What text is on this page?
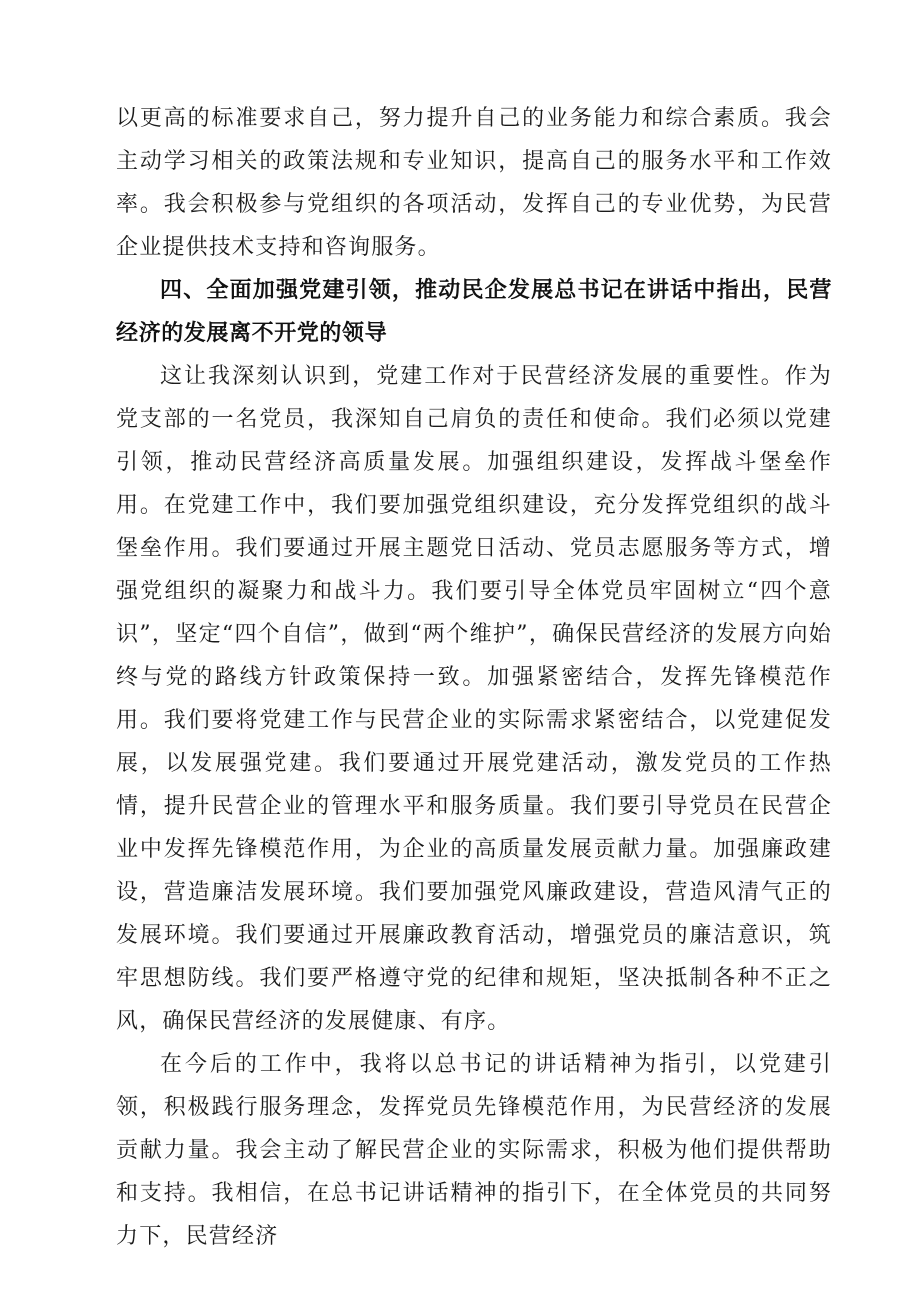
以更高的标准要求自己，努力提升自己的业务能力和综合素质。我会主动学习相关的政策法规和专业知识，提高自己的服务水平和工作效率。我会积极参与党组织的各项活动，发挥自己的专业优势，为民营企业提供技术支持和咨询服务。

四、全面加强党建引领，推动民企发展总书记在讲话中指出，民营经济的发展离不开党的领导

这让我深刻认识到，党建工作对于民营经济发展的重要性。作为党支部的一名党员，我深知自己肩负的责任和使命。我们必须以党建引领，推动民营经济高质量发展。加强组织建设，发挥战斗堡垒作用。在党建工作中，我们要加强党组织建设，充分发挥党组织的战斗堡垒作用。我们要通过开展主题党日活动、党员志愿服务等方式，增强党组织的凝聚力和战斗力。我们要引导全体党员牢固树立“四个意识”，坚定“四个自信”，做到“两个维护”，确保民营经济的发展方向始终与党的路线方针政策保持一致。加强紧密结合，发挥先锋模范作用。我们要将党建工作与民营企业的实际需求紧密结合，以党建促发展，以发展强党建。我们要通过开展党建活动，激发党员的工作热情，提升民营企业的管理水平和服务质量。我们要引导党员在民营企业中发挥先锋模范作用，为企业的高质量发展贡献力量。加强廉政建设，营造廉洁发展环境。我们要加强党风廉政建设，营造风清气正的发展环境。我们要通过开展廉政教育活动，增强党员的廉洁意识，筑牢思想防线。我们要严格遵守党的纪律和规矩，坚决抵制各种不正之风，确保民营经济的发展健康、有序。

在今后的工作中，我将以总书记的讲话精神为指引，以党建引领，积极践行服务理念，发挥党员先锋模范作用，为民营经济的发展贡献力量。我会主动了解民营企业的实际需求，积极为他们提供帮助和支持。我相信，在总书记讲话精神的指引下，在全体党员的共同努力下，民营经济
